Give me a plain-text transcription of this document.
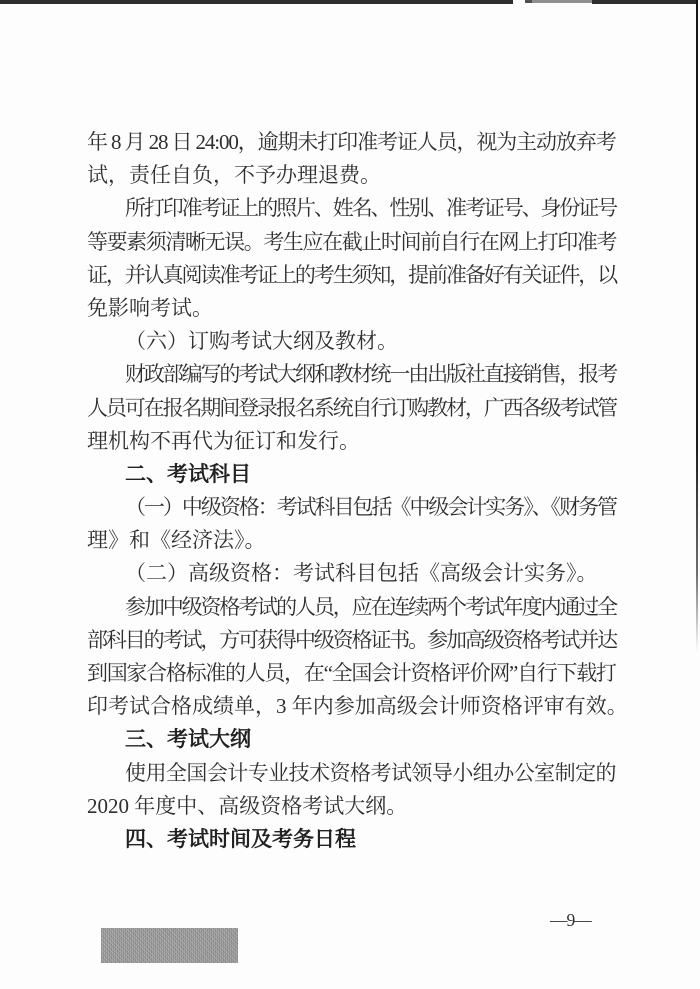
年 8 月 28 日 24:00，逾期未打印准考证人员，视为主动放弃考
试，责任自负，不予办理退费。
所打印准考证上的照片、姓名、性别、准考证号、身份证号
等要素须清晰无误。考生应在截止时间前自行在网上打印准考
证，并认真阅读准考证上的考生须知，提前准备好有关证件，以
免影响考试。
（六）订购考试大纲及教材。
财政部编写的考试大纲和教材统一由出版社直接销售，报考
人员可在报名期间登录报名系统自行订购教材，广西各级考试管
理机构不再代为征订和发行。
二、考试科目
（一）中级资格：考试科目包括《中级会计实务》、《财务管
理》和《经济法》。
（二）高级资格：考试科目包括《高级会计实务》。
参加中级资格考试的人员，应在连续两个考试年度内通过全
部科目的考试，方可获得中级资格证书。参加高级资格考试并达
到国家合格标准的人员，在“全国会计资格评价网”自行下载打
印考试合格成绩单，3 年内参加高级会计师资格评审有效。
三、考试大纲
使用全国会计专业技术资格考试领导小组办公室制定的
2020 年度中、高级资格考试大纲。
四、考试时间及考务日程
—9—
